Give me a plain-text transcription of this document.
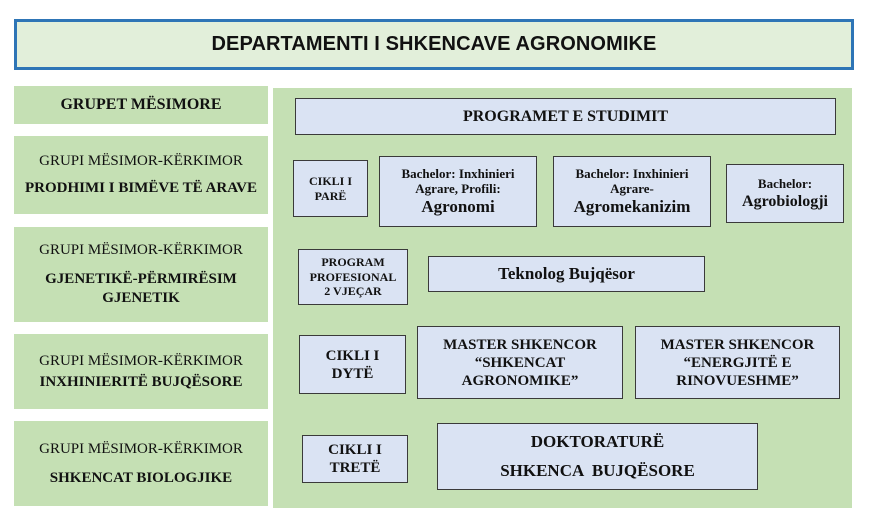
DEPARTAMENTI I SHKENCAVE AGRONOMIKE
GRUPET MËSIMORE
GRUPI MËSIMOR-KËRKIMOR
PRODHIMI I BIMËVE TË ARAVE
GRUPI MËSIMOR-KËRKIMOR
GJENETIKË-PËRMIRËSIM
GJENETIK
GRUPI MËSIMOR-KËRKIMOR
INXHINIERITË BUJQËSORE
GRUPI MËSIMOR-KËRKIMOR
SHKENCAT BIOLOGJIKE
PROGRAMET E STUDIMIT
CIKLI I
PARË
Bachelor: Inxhinieri
Agrare, Profili:
Agronomi
Bachelor: Inxhinieri
Agrare-
Agromekanizim
Bachelor:
Agrobiologji
PROGRAM
PROFESIONAL
2 VJEÇAR
Teknolog Bujqësor
CIKLI I
DYTË
MASTER SHKENCOR
“SHKENCAT
AGRONOMIKE”
MASTER SHKENCOR
“ENERGJITË E
RINOVUESHME”
CIKLI I
TRETË
DOKTORATURË
SHKENCA  BUJQËSORE
